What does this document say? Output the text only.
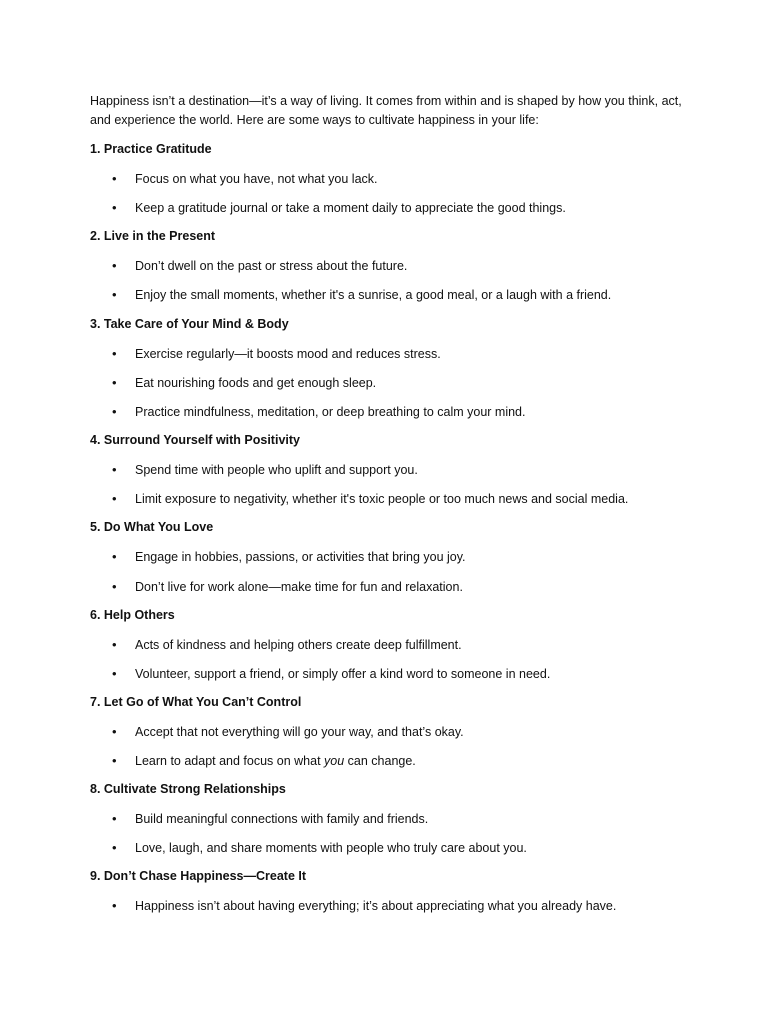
Happiness isn’t a destination—it’s a way of living. It comes from within and is shaped by how you think, act, and experience the world. Here are some ways to cultivate happiness in your life:

1. Practice Gratitude

•Focus on what you have, not what you lack.

•Keep a gratitude journal or take a moment daily to appreciate the good things.

2. Live in the Present

•Don’t dwell on the past or stress about the future.

•Enjoy the small moments, whether it's a sunrise, a good meal, or a laugh with a friend.

3. Take Care of Your Mind & Body

•Exercise regularly—it boosts mood and reduces stress.

•Eat nourishing foods and get enough sleep.

•Practice mindfulness, meditation, or deep breathing to calm your mind.

4. Surround Yourself with Positivity

•Spend time with people who uplift and support you.

•Limit exposure to negativity, whether it's toxic people or too much news and social media.

5. Do What You Love

•Engage in hobbies, passions, or activities that bring you joy.

•Don’t live for work alone—make time for fun and relaxation.

6. Help Others

•Acts of kindness and helping others create deep fulfillment.

•Volunteer, support a friend, or simply offer a kind word to someone in need.

7. Let Go of What You Can’t Control

•Accept that not everything will go your way, and that’s okay.

•Learn to adapt and focus on what you can change.

8. Cultivate Strong Relationships

•Build meaningful connections with family and friends.

•Love, laugh, and share moments with people who truly care about you.

9. Don’t Chase Happiness—Create It

•Happiness isn’t about having everything; it’s about appreciating what you already have.
